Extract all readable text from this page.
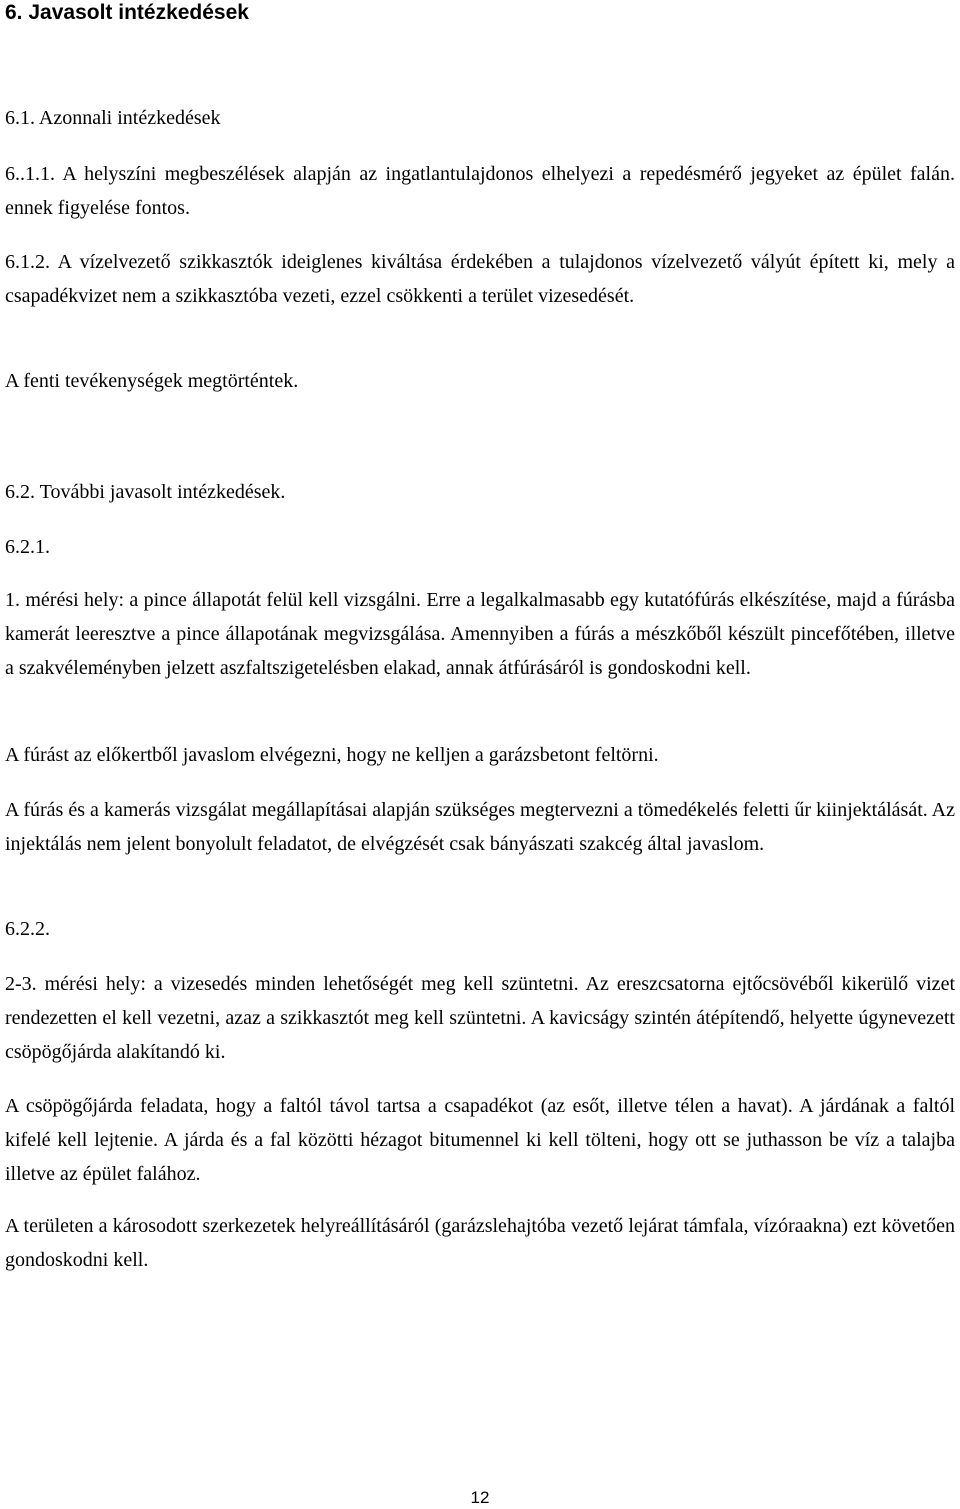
6. Javasolt intézkedések

6.1. Azonnali intézkedések

6..1.1. A helyszíni megbeszélések alapján az ingatlantulajdonos elhelyezi a repedésmérő jegyeket az épület falán. ennek figyelése fontos.

6.1.2. A vízelvezető szikkasztók ideiglenes kiváltása érdekében a tulajdonos vízelvezető vályút épített ki, mely a csapadékvizet nem a szikkasztóba vezeti, ezzel csökkenti a terület vizesedését.

A fenti tevékenységek megtörténtek.

6.2. További javasolt intézkedések.

6.2.1.

1. mérési hely: a pince állapotát felül kell vizsgálni. Erre a legalkalmasabb egy kutatófúrás elkészítése, majd a fúrásba kamerát leeresztve a pince állapotának megvizsgálása. Amennyiben a fúrás a mészkőből készült pincefőtében, illetve a szakvéleményben jelzett aszfaltszigetelésben elakad, annak átfúrásáról is gondoskodni kell.

A fúrást az előkertből javaslom elvégezni, hogy ne kelljen a garázsbetont feltörni.

A fúrás és a kamerás vizsgálat megállapításai alapján szükséges megtervezni a tömedékelés feletti űr kiinjektálását. Az injektálás nem jelent bonyolult feladatot, de elvégzését csak bányászati szakcég által javaslom.

6.2.2.

2-3. mérési hely: a vizesedés minden lehetőségét meg kell szüntetni. Az ereszcsatorna ejtőcsövéből kikerülő vizet rendezetten el kell vezetni, azaz a szikkasztót meg kell szüntetni. A kavicságy szintén átépítendő, helyette úgynevezett csöpögőjárda alakítandó ki.

A csöpögőjárda feladata, hogy a faltól távol tartsa a csapadékot (az esőt, illetve télen a havat). A járdának a faltól kifelé kell lejtenie. A járda és a fal közötti hézagot bitumennel ki kell tölteni, hogy ott se juthasson be víz a talajba illetve az épület falához.

A területen a károsodott szerkezetek helyreállításáról (garázslehajtóba vezető lejárat támfala, vízóraakna) ezt követően gondoskodni kell.

12
